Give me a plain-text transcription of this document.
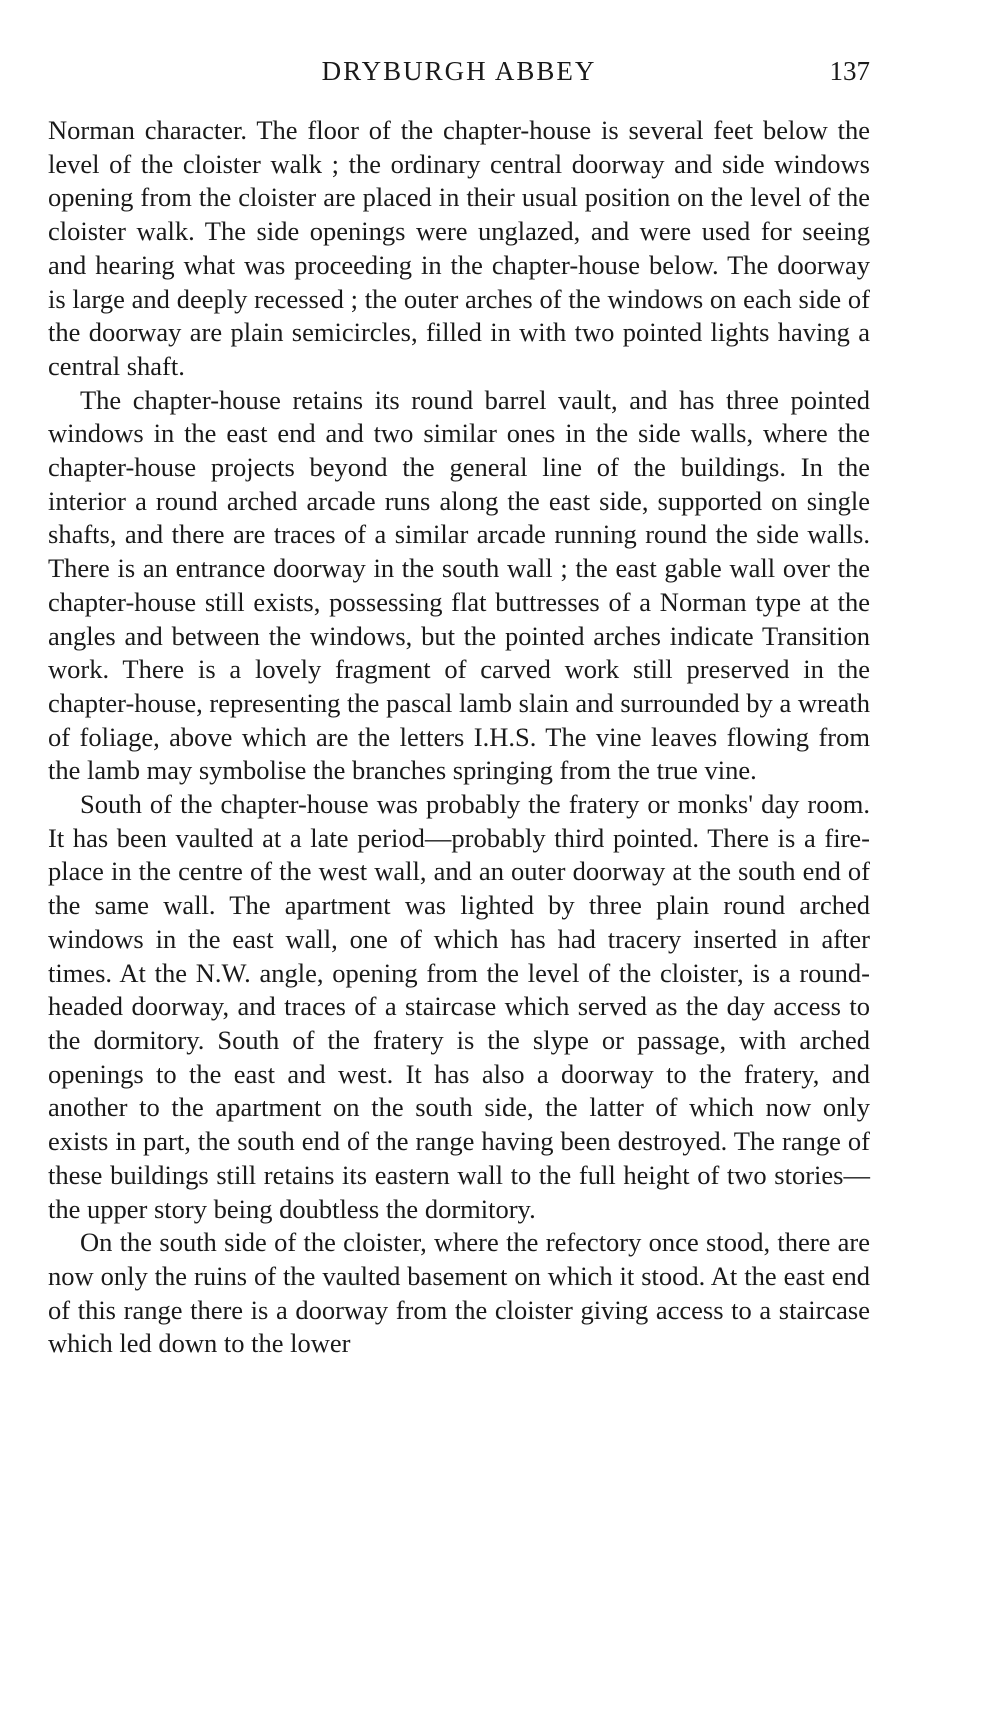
DRYBURGH ABBEY	137

Norman character. The floor of the chapter-house is several feet below the level of the cloister walk ; the ordinary central doorway and side windows opening from the cloister are placed in their usual position on the level of the cloister walk. The side openings were unglazed, and were used for seeing and hearing what was proceeding in the chapter-house below. The doorway is large and deeply recessed ; the outer arches of the windows on each side of the doorway are plain semicircles, filled in with two pointed lights having a central shaft.

The chapter-house retains its round barrel vault, and has three pointed windows in the east end and two similar ones in the side walls, where the chapter-house projects beyond the general line of the buildings. In the interior a round arched arcade runs along the east side, supported on single shafts, and there are traces of a similar arcade running round the side walls. There is an entrance doorway in the south wall ; the east gable wall over the chapter-house still exists, possessing flat buttresses of a Norman type at the angles and between the windows, but the pointed arches indicate Transition work. There is a lovely fragment of carved work still preserved in the chapter-house, representing the pascal lamb slain and surrounded by a wreath of foliage, above which are the letters I.H.S. The vine leaves flowing from the lamb may symbolise the branches springing from the true vine.

South of the chapter-house was probably the fratery or monks' day room. It has been vaulted at a late period—probably third pointed. There is a fire-place in the centre of the west wall, and an outer doorway at the south end of the same wall. The apartment was lighted by three plain round arched windows in the east wall, one of which has had tracery inserted in after times. At the N.W. angle, opening from the level of the cloister, is a round-headed doorway, and traces of a staircase which served as the day access to the dormitory. South of the fratery is the slype or passage, with arched openings to the east and west. It has also a doorway to the fratery, and another to the apartment on the south side, the latter of which now only exists in part, the south end of the range having been destroyed. The range of these buildings still retains its eastern wall to the full height of two stories—the upper story being doubtless the dormitory.

On the south side of the cloister, where the refectory once stood, there are now only the ruins of the vaulted basement on which it stood. At the east end of this range there is a doorway from the cloister giving access to a staircase which led down to the lower
